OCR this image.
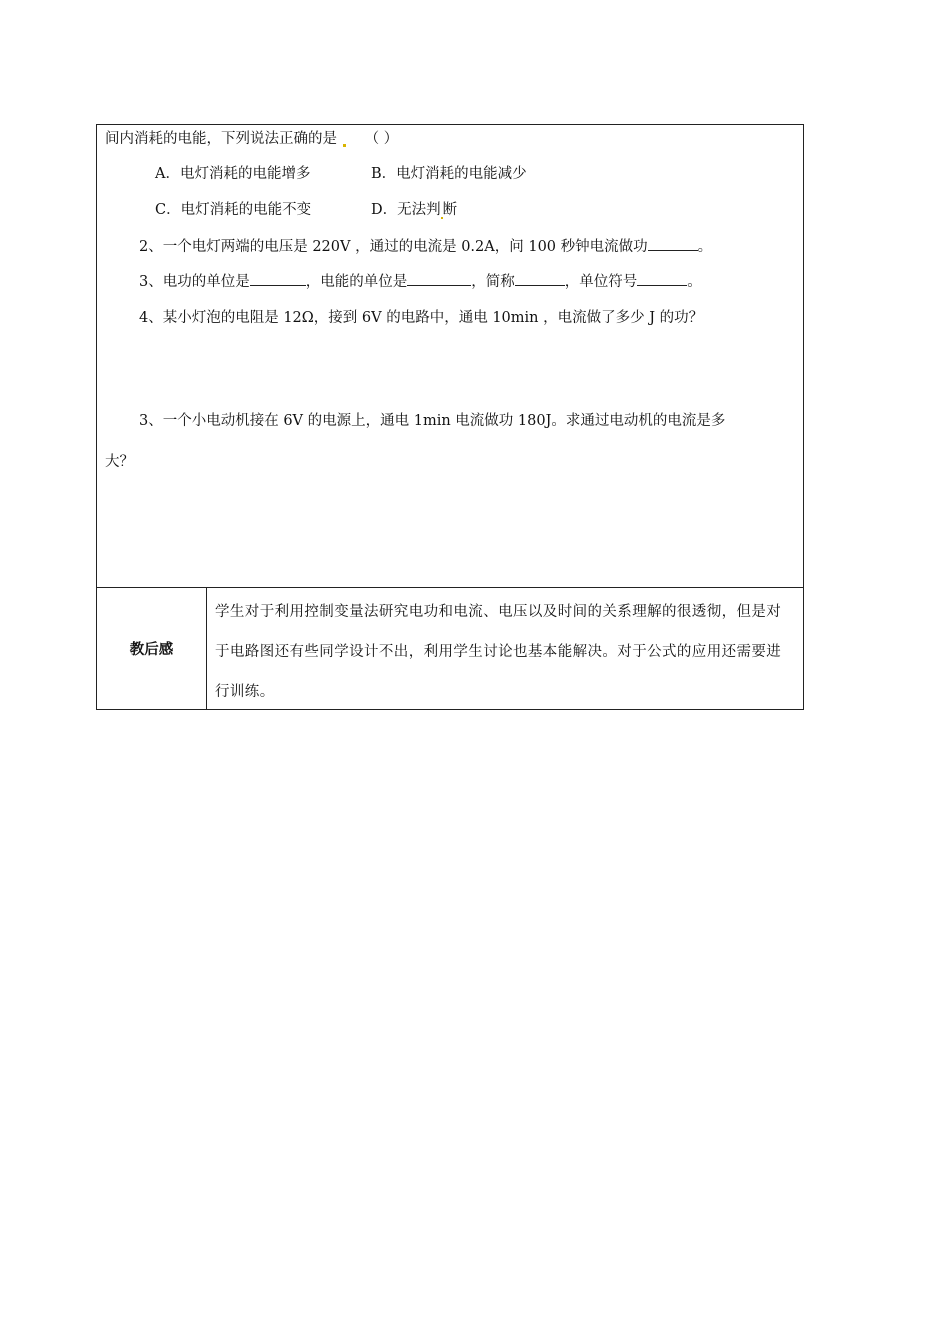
间内消耗的电能，下列说法正确的是 （ ）
A．电灯消耗的电能增多	B．电灯消耗的电能减少
C．电灯消耗的电能不变	D．无法判 断
2、一个电灯两端的电压是 220V ，通过的电流是 0.2A，问 100 秒钟电流做功	。
3、电功的单位是	，电能的单位是	，简称	，单位符号	。
4、某小灯泡的电阻是 12Ω，接到 6V 的电路中，通电 10min ，电流做了多少 J 的功？
3、一个小电动机接在 6V 的电源上，通电 1min 电流做功 180J。求通过电动机的电流是多
大？
教后感
学生对于利用控制变量法研究电功和电流、电压以及时间的关系理解的很透彻，但是对于电路图还有些同学设计不出，利用学生讨论也基本能解决。对于公式的应用还需要进行训练。
